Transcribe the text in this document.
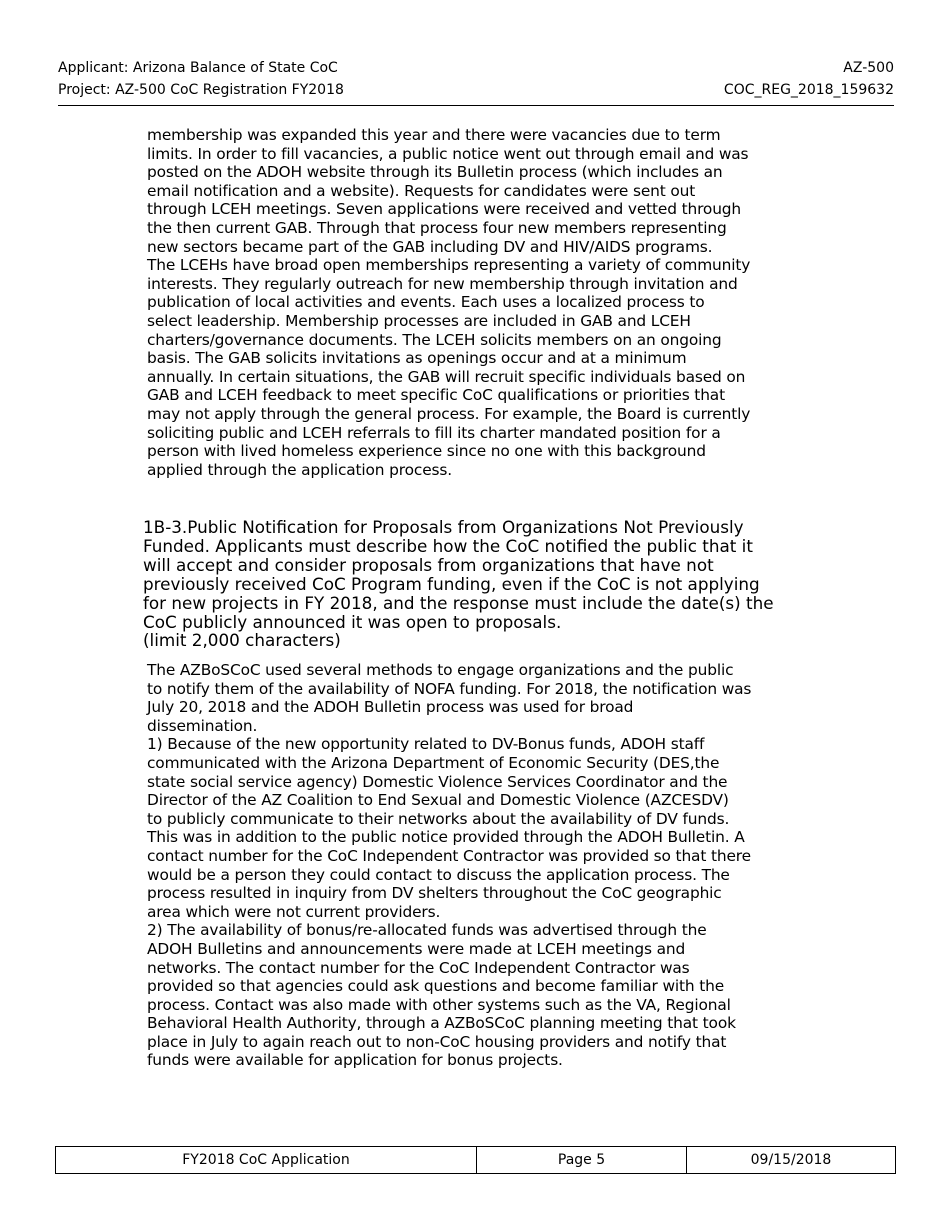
Applicant: Arizona Balance of State CoC
Project: AZ-500 CoC Registration FY2018
AZ-500
COC_REG_2018_159632
membership was expanded this year and there were vacancies due to term
limits. In order to fill vacancies, a public notice went out through email and was
posted on the ADOH website through its Bulletin process (which includes an
email notification and a website). Requests for candidates were sent out
through LCEH meetings. Seven applications were received and vetted through
the then current GAB. Through that process four new members representing
new sectors became part of the GAB including DV and HIV/AIDS programs.
The LCEHs have broad open memberships representing a variety of community
interests. They regularly outreach for new membership through invitation and
publication of local activities and events. Each uses a localized process to
select leadership. Membership processes are included in GAB and LCEH
charters/governance documents. The LCEH solicits members on an ongoing
basis. The GAB solicits invitations as openings occur and at a minimum
annually. In certain situations, the GAB will recruit specific individuals based on
GAB and LCEH feedback to meet specific CoC qualifications or priorities that
may not apply through the general process. For example, the Board is currently
soliciting public and LCEH referrals to fill its charter mandated position for a
person with lived homeless experience since no one with this background
applied through the application process.
1B-3.Public Notification for Proposals from Organizations Not Previously
Funded. Applicants must describe how the CoC notified the public that it
will accept and consider proposals from organizations that have not
previously received CoC Program funding, even if the CoC is not applying
for new projects in FY 2018, and the response must include the date(s) the
CoC publicly announced it was open to proposals.
(limit 2,000 characters)
The AZBoSCoC used several methods to engage organizations and the public
to notify them of the availability of NOFA funding. For 2018, the notification was
July 20, 2018 and the ADOH Bulletin process was used for broad
dissemination.
1) Because of the new opportunity related to DV-Bonus funds, ADOH staff
communicated with the Arizona Department of Economic Security (DES,the
state social service agency) Domestic Violence Services Coordinator and the
Director of the AZ Coalition to End Sexual and Domestic Violence (AZCESDV)
to publicly communicate to their networks about the availability of DV funds.
This was in addition to the public notice provided through the ADOH Bulletin. A
contact number for the CoC Independent Contractor was provided so that there
would be a person they could contact to discuss the application process. The
process resulted in inquiry from DV shelters throughout the CoC geographic
area which were not current providers.
2) The availability of bonus/re-allocated funds was advertised through the
ADOH Bulletins and announcements were made at LCEH meetings and
networks. The contact number for the CoC Independent Contractor was
provided so that agencies could ask questions and become familiar with the
process. Contact was also made with other systems such as the VA, Regional
Behavioral Health Authority, through a AZBoSCoC planning meeting that took
place in July to again reach out to non-CoC housing providers and notify that
funds were available for application for bonus projects.
FY2018 CoC Application	Page 5	09/15/2018
